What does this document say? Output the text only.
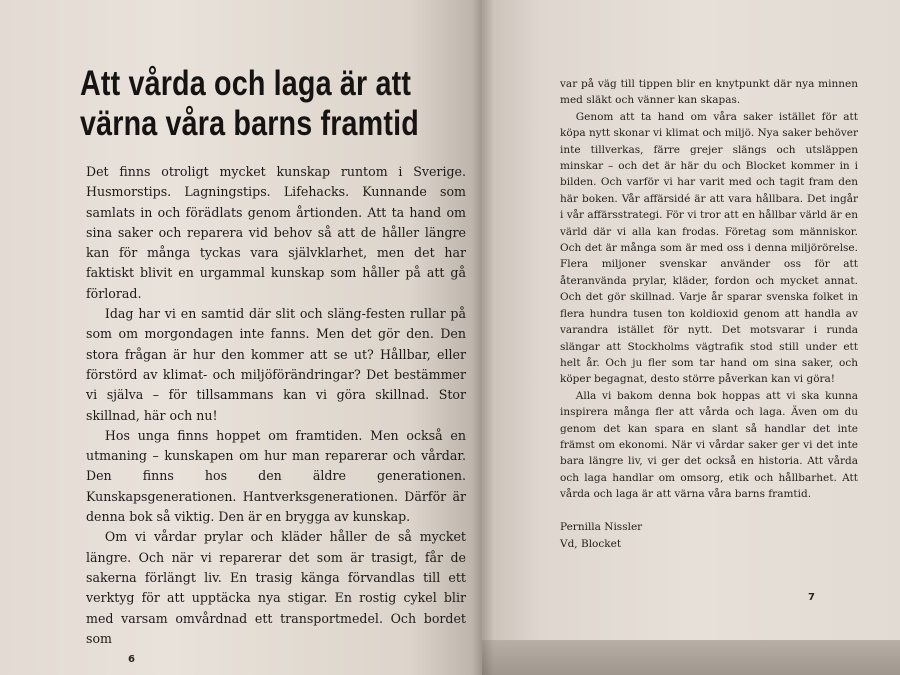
Att vårda och laga är att
värna våra barns framtid

Det finns otroligt mycket kunskap runtom i Sverige. Husmorstips. Lagningstips. Lifehacks. Kunnande som samlats in och förädlats genom årtionden. Att ta hand om sina saker och reparera vid behov så att de håller längre kan för många tyckas vara självklarhet, men det har faktiskt blivit en urgammal kunskap som håller på att gå förlorad.

Idag har vi en samtid där slit och släng-festen rullar på som om morgondagen inte fanns. Men det gör den. Den stora frågan är hur den kommer att se ut? Hållbar, eller förstörd av klimat- och miljöförändringar? Det bestämmer vi själva – för tillsammans kan vi göra skillnad. Stor skillnad, här och nu!

Hos unga finns hoppet om framtiden. Men också en utmaning – kunskapen om hur man reparerar och vårdar. Den finns hos den äldre generationen. Kunskapsgenerationen. Hantverksgenerationen. Därför är denna bok så viktig. Den är en brygga av kunskap.

Om vi vårdar prylar och kläder håller de så mycket längre. Och när vi reparerar det som är trasigt, får de sakerna förlängt liv. En trasig känga förvandlas till ett verktyg för att upptäcka nya stigar. En rostig cykel blir med varsam omvårdnad ett transportmedel. Och bordet som

var på väg till tippen blir en knytpunkt där nya minnen med släkt och vänner kan skapas.

Genom att ta hand om våra saker istället för att köpa nytt skonar vi klimat och miljö. Nya saker behöver inte tillverkas, färre grejer slängs och utsläppen minskar – och det är här du och Blocket kommer in i bilden. Och varför vi har varit med och tagit fram den här boken. Vår affärsidé är att vara hållbara. Det ingår i vår affärsstrategi. För vi tror att en hållbar värld är en värld där vi alla kan frodas. Företag som människor. Och det är många som är med oss i denna miljörörelse. Flera miljoner svenskar använder oss för att återanvända prylar, kläder, fordon och mycket annat. Och det gör skillnad. Varje år sparar svenska folket in flera hundra tusen ton koldioxid genom att handla av varandra istället för nytt. Det motsvarar i runda slängar att Stockholms vägtrafik stod still under ett helt år. Och ju fler som tar hand om sina saker, och köper begagnat, desto större påverkan kan vi göra!

Alla vi bakom denna bok hoppas att vi ska kunna inspirera många fler att vårda och laga. Även om du genom det kan spara en slant så handlar det inte främst om ekonomi. När vi vårdar saker ger vi det inte bara längre liv, vi ger det också en historia. Att vårda och laga handlar om omsorg, etik och hållbarhet. Att vårda och laga är att värna våra barns framtid.

Pernilla Nissler
Vd, Blocket
6
7
